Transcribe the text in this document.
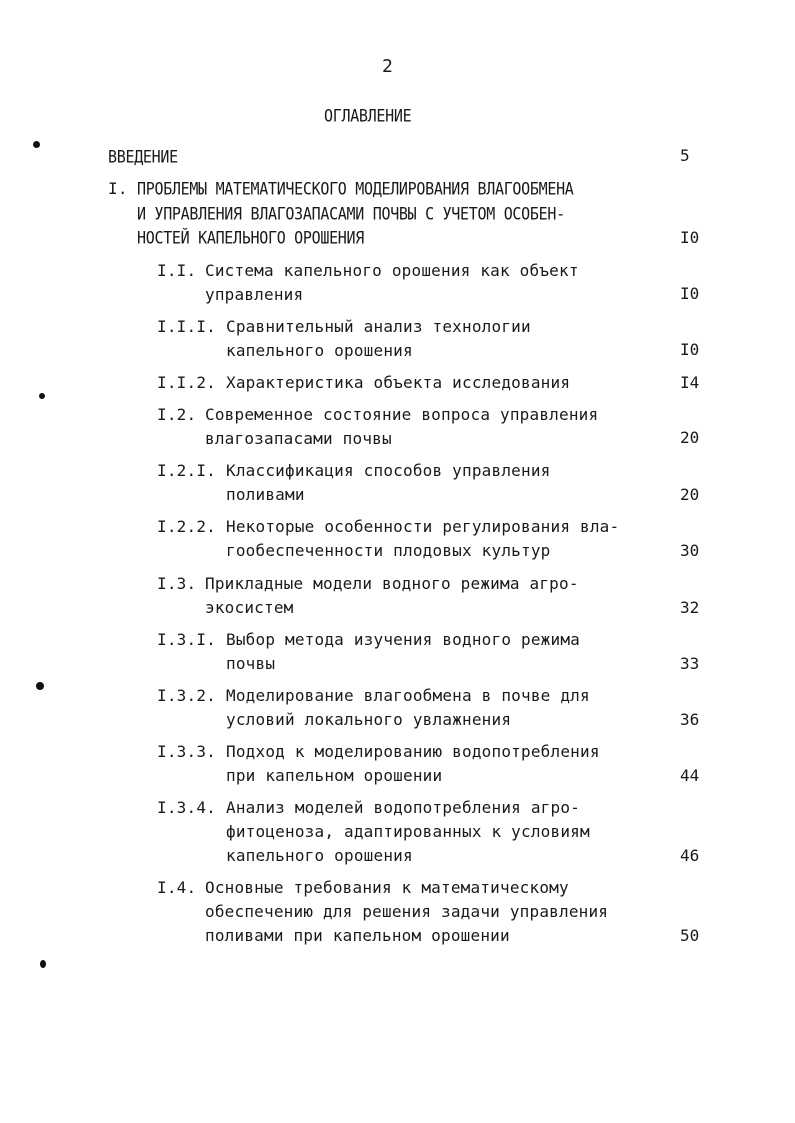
2
ОГЛАВЛЕНИЕ
ВВЕДЕНИЕ	5
I. ПРОБЛЕМЫ МАТЕМАТИЧЕСКОГО МОДЕЛИРОВАНИЯ ВЛАГООБМЕНА
И УПРАВЛЕНИЯ ВЛАГОЗАПАСАМИ ПОЧВЫ С УЧЕТОМ ОСОБЕН-
НОСТЕЙ КАПЕЛЬНОГО ОРОШЕНИЯ	I0
I.I. Система капельного орошения как объект
управления	I0
I.I.I. Сравнительный анализ технологии
капельного орошения	I0
I.I.2. Характеристика объекта исследования	I4
I.2. Современное состояние вопроса управления
влагозапасами почвы	20
I.2.I. Классификация способов управления
поливами	20
I.2.2. Некоторые особенности регулирования вла-
гообеспеченности плодовых культур	30
I.3. Прикладные модели водного режима агро-
экосистем	32
I.3.I. Выбор метода изучения водного режима
почвы	33
I.3.2. Моделирование влагообмена в почве для
условий локального увлажнения	36
I.3.3. Подход к моделированию водопотребления
при капельном орошении	44
I.3.4. Анализ моделей водопотребления агро-
фитоценоза, адаптированных к условиям
капельного орошения	46
I.4. Основные требования к математическому
обеспечению для решения задачи управления
поливами при капельном орошении	50
